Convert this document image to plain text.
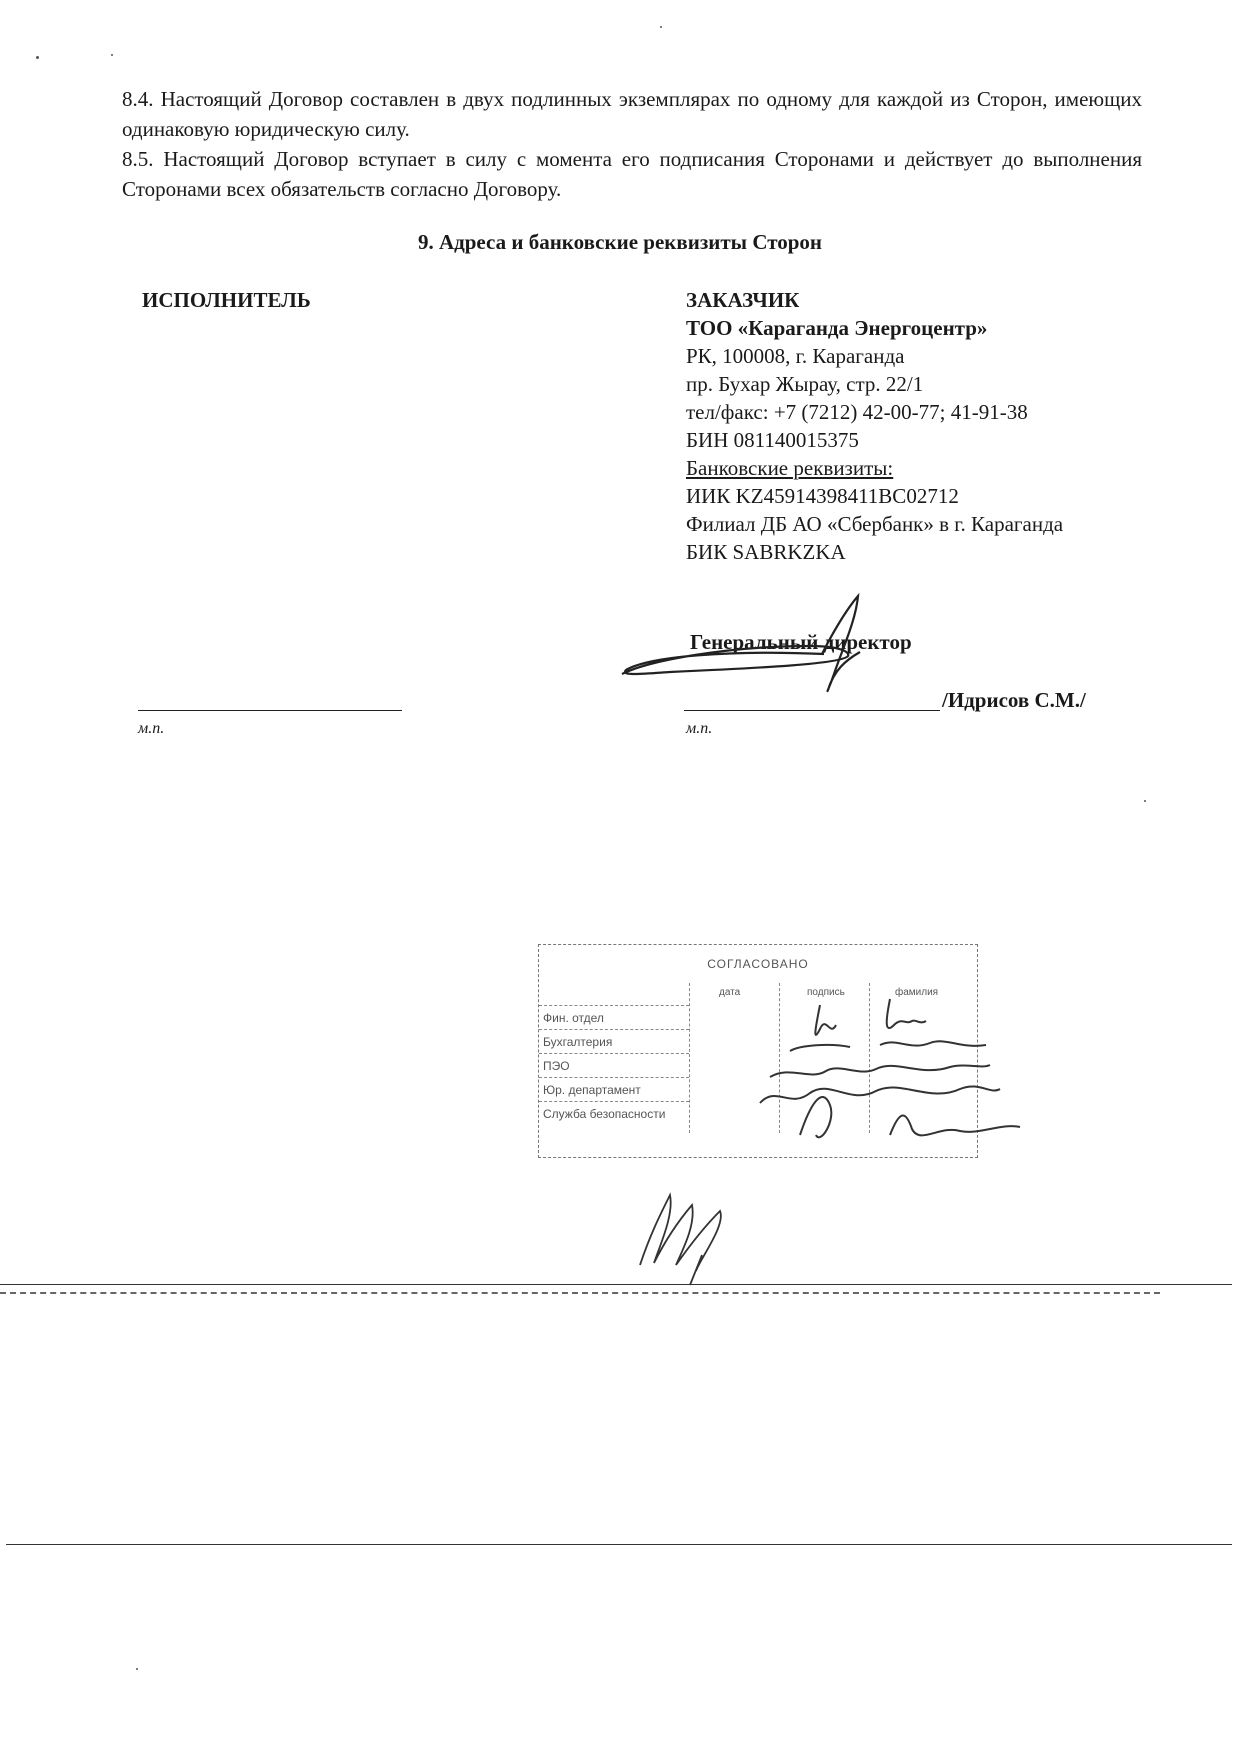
8.4. Настоящий Договор составлен в двух подлинных экземплярах по одному для каждой из Сторон, имеющих одинаковую юридическую силу.

8.5. Настоящий Договор вступает в силу с момента его подписания Сторонами и действует до выполнения Сторонами всех обязательств согласно Договору.

9. Адреса и банковские реквизиты Сторон
ИСПОЛНИТЕЛЬ	ЗАКАЗЧИК
ТОО «Караганда Энергоцентр»
РК, 100008, г. Караганда
пр. Бухар Жырау, стр. 22/1
тел/факс: +7 (7212) 42-00-77; 41-91-38
БИН 081140015375
Банковские реквизиты:
ИИК KZ45914398411BC02712
Филиал ДБ АО «Сбербанк» в г. Караганда
БИК SABRKZKA
Генеральный директор
м.п.
/Идрисов С.М./
м.п.
СОГЛАСОВАНО
дата	подпись	фамилия
Фин. отдел
Бухгалтерия
ПЭО
Юр. департамент
Служба безопасности
